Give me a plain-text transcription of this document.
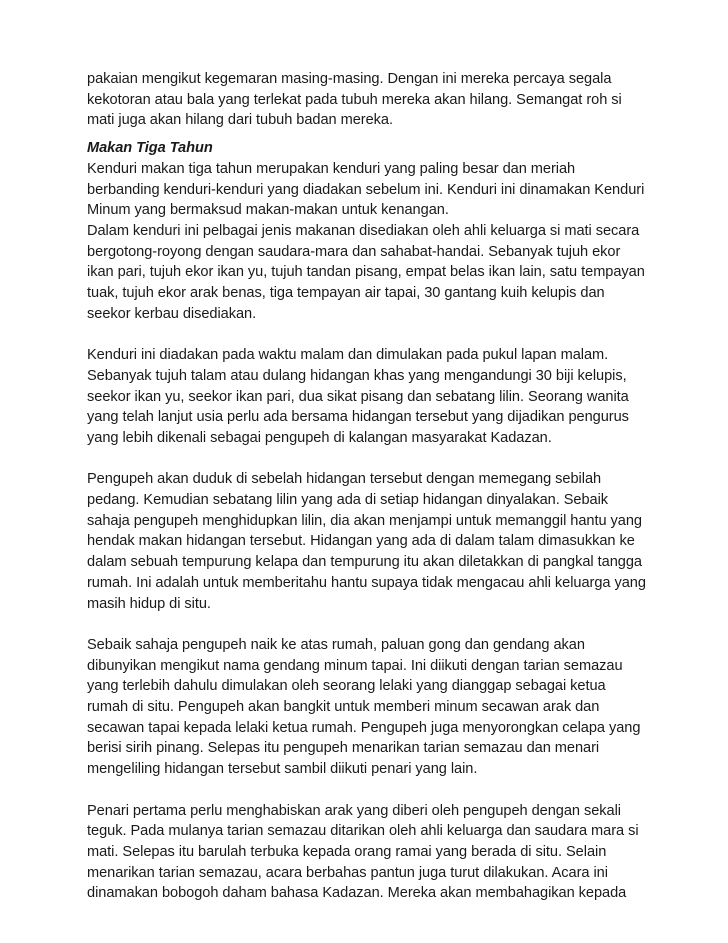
pakaian mengikut kegemaran masing-masing. Dengan ini mereka percaya segala kekotoran atau bala yang terlekat pada tubuh mereka akan hilang. Semangat roh si mati juga akan hilang dari tubuh badan mereka.

Makan Tiga Tahun

Kenduri makan tiga tahun merupakan kenduri yang paling besar dan meriah berbanding kenduri-kenduri yang diadakan sebelum ini. Kenduri ini dinamakan Kenduri Minum yang bermaksud makan-makan untuk kenangan.

Dalam kenduri ini pelbagai jenis makanan disediakan oleh ahli keluarga si mati secara bergotong-royong dengan saudara-mara dan sahabat-handai. Sebanyak tujuh ekor ikan pari, tujuh ekor ikan yu, tujuh tandan pisang, empat belas ikan lain, satu tempayan tuak, tujuh ekor arak benas, tiga tempayan air tapai, 30 gantang kuih kelupis dan seekor kerbau disediakan.

Kenduri ini diadakan pada waktu malam dan dimulakan pada pukul lapan malam. Sebanyak tujuh talam atau dulang hidangan khas yang mengandungi 30 biji kelupis, seekor ikan yu, seekor ikan pari, dua sikat pisang dan sebatang lilin. Seorang wanita yang telah lanjut usia perlu ada bersama hidangan tersebut yang dijadikan pengurus yang lebih dikenali sebagai pengupeh di kalangan masyarakat Kadazan.

Pengupeh akan duduk di sebelah hidangan tersebut dengan memegang sebilah pedang. Kemudian sebatang lilin yang ada di setiap hidangan dinyalakan. Sebaik sahaja pengupeh menghidupkan lilin, dia akan menjampi untuk memanggil hantu yang hendak makan hidangan tersebut. Hidangan yang ada di dalam talam dimasukkan ke dalam sebuah tempurung kelapa dan tempurung itu akan diletakkan di pangkal tangga rumah. Ini adalah untuk memberitahu hantu supaya tidak mengacau ahli keluarga yang masih hidup di situ.

Sebaik sahaja pengupeh naik ke atas rumah, paluan gong dan gendang akan dibunyikan mengikut nama gendang minum tapai. Ini diikuti dengan tarian semazau yang terlebih dahulu dimulakan oleh seorang lelaki yang dianggap sebagai ketua rumah di situ. Pengupeh akan bangkit untuk memberi minum secawan arak dan secawan tapai kepada lelaki ketua rumah. Pengupeh juga menyorongkan celapa yang berisi sirih pinang. Selepas itu pengupeh menarikan tarian semazau dan menari mengeliling hidangan tersebut sambil diikuti penari yang lain.

Penari pertama perlu menghabiskan arak yang diberi oleh pengupeh dengan sekali teguk. Pada mulanya tarian semazau ditarikan oleh ahli keluarga dan saudara mara si mati. Selepas itu barulah terbuka kepada orang ramai yang berada di situ. Selain menarikan tarian semazau, acara berbahas pantun juga turut dilakukan. Acara ini dinamakan bobogoh daham bahasa Kadazan. Mereka akan membahagikan kepada
